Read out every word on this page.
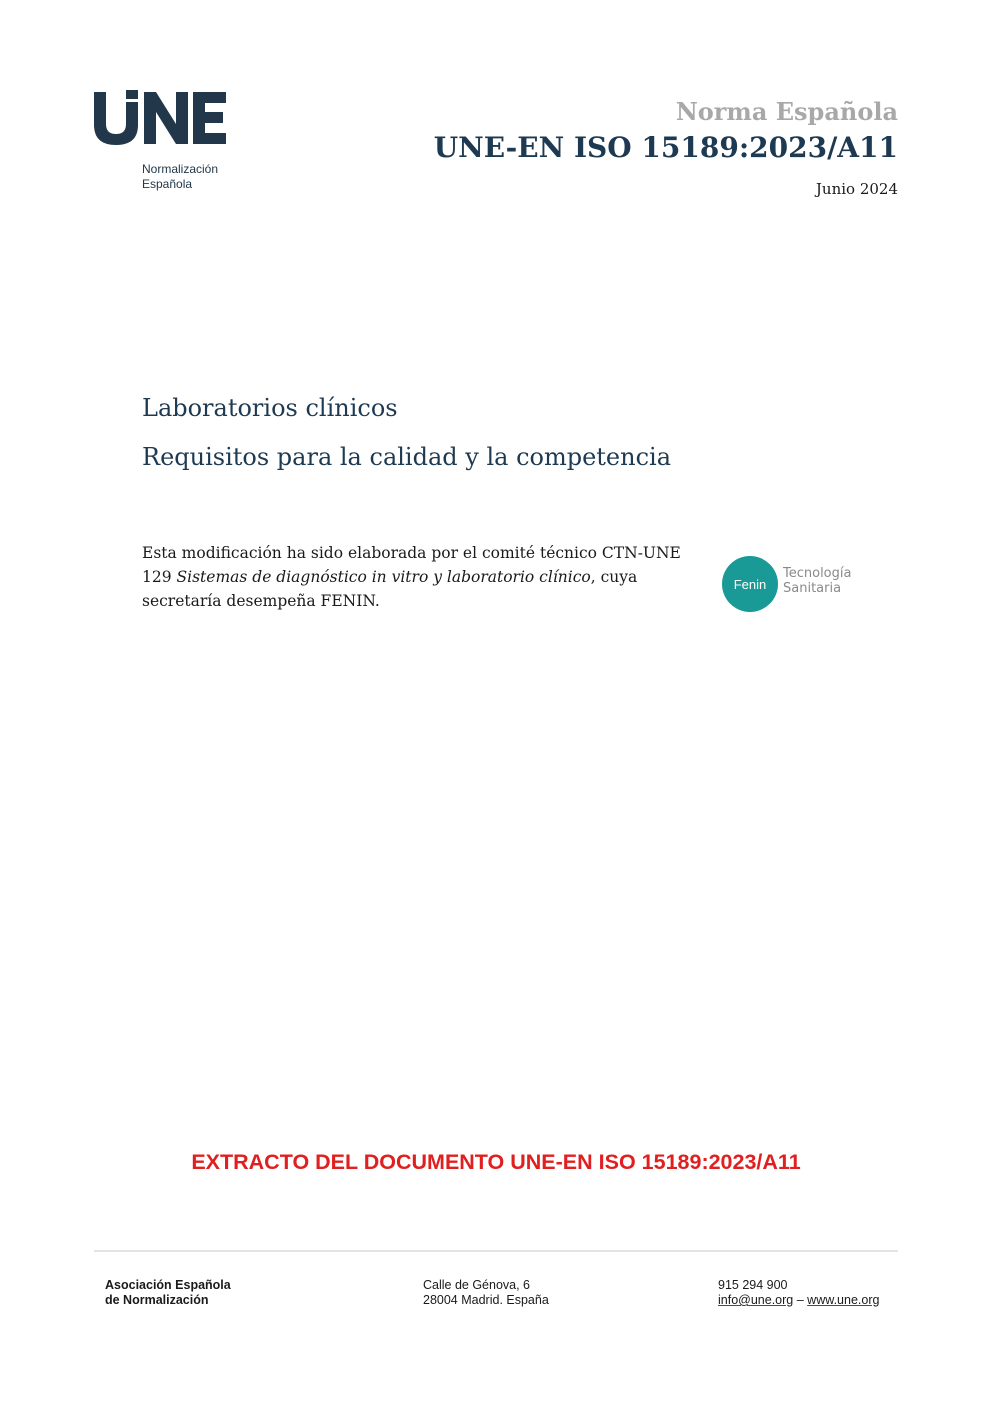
Normalización
Española
Norma Española
UNE-EN ISO 15189:2023/A11
Junio 2024
Laboratorios clínicos
Requisitos para la calidad y la competencia
Esta modificación ha sido elaborada por el comité técnico CTN-UNE 129 Sistemas de diagnóstico in vitro y laboratorio clínico, cuya secretaría desempeña FENIN.
Fenin
Tecnología
Sanitaria
EXTRACTO DEL DOCUMENTO UNE-EN ISO 15189:2023/A11
Asociación Española
de Normalización
Calle de Génova, 6
28004 Madrid. España
915 294 900
info@une.org – www.une.org
